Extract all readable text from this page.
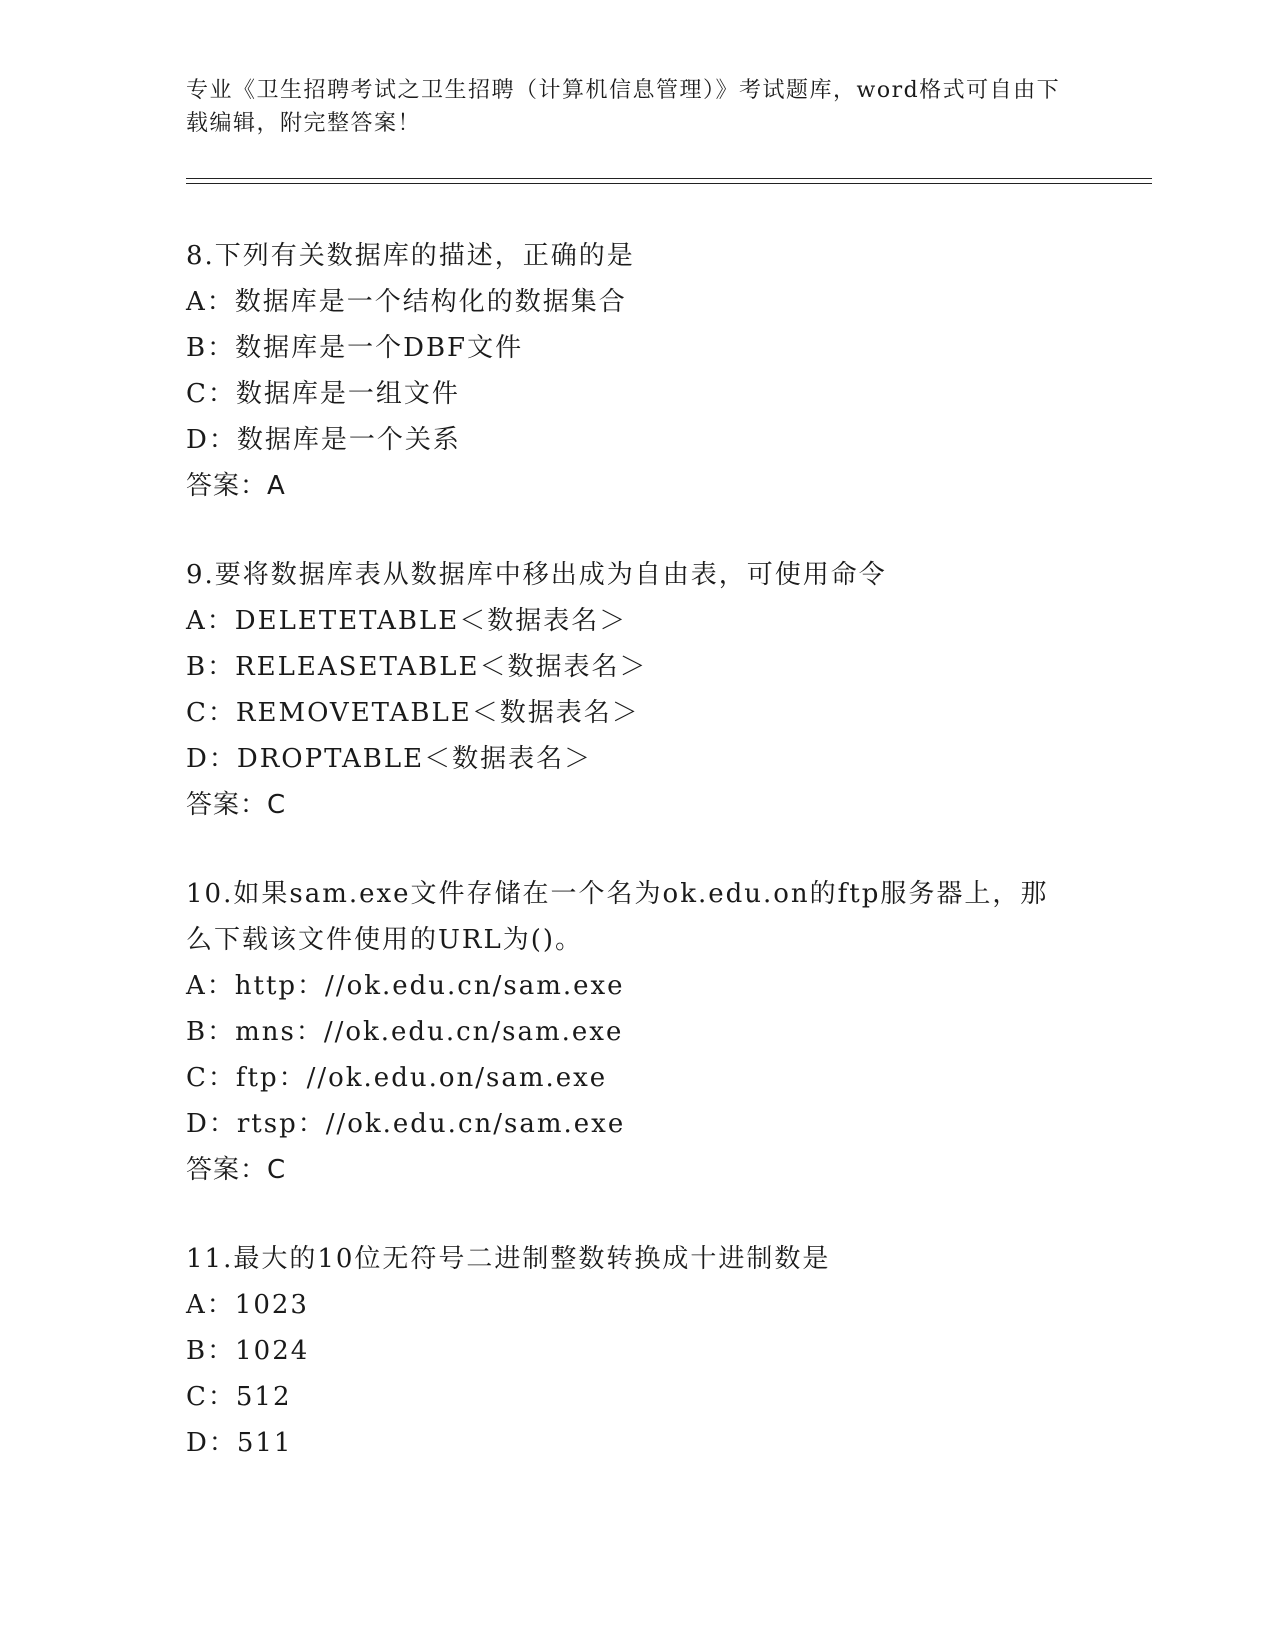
专业《卫生招聘考试之卫生招聘（计算机信息管理）》考试题库，word格式可自由下载编辑，附完整答案！

8.下列有关数据库的描述，正确的是

A：数据库是一个结构化的数据集合

B：数据库是一个DBF文件

C：数据库是一组文件

D：数据库是一个关系

答案：A

9.要将数据库表从数据库中移出成为自由表，可使用命令

A：DELETETABLE＜数据表名＞

B：RELEASETABLE＜数据表名＞

C：REMOVETABLE＜数据表名＞

D：DROPTABLE＜数据表名＞

答案：C

10.如果sam.exe文件存储在一个名为ok.edu.on的ftp服务器上，那么下载该文件使用的URL为()。

A：http：//ok.edu.cn/sam.exe

B：mns：//ok.edu.cn/sam.exe

C：ftp：//ok.edu.on/sam.exe

D：rtsp：//ok.edu.cn/sam.exe

答案：C

11.最大的10位无符号二进制整数转换成十进制数是

A：1023

B：1024

C：512

D：511
